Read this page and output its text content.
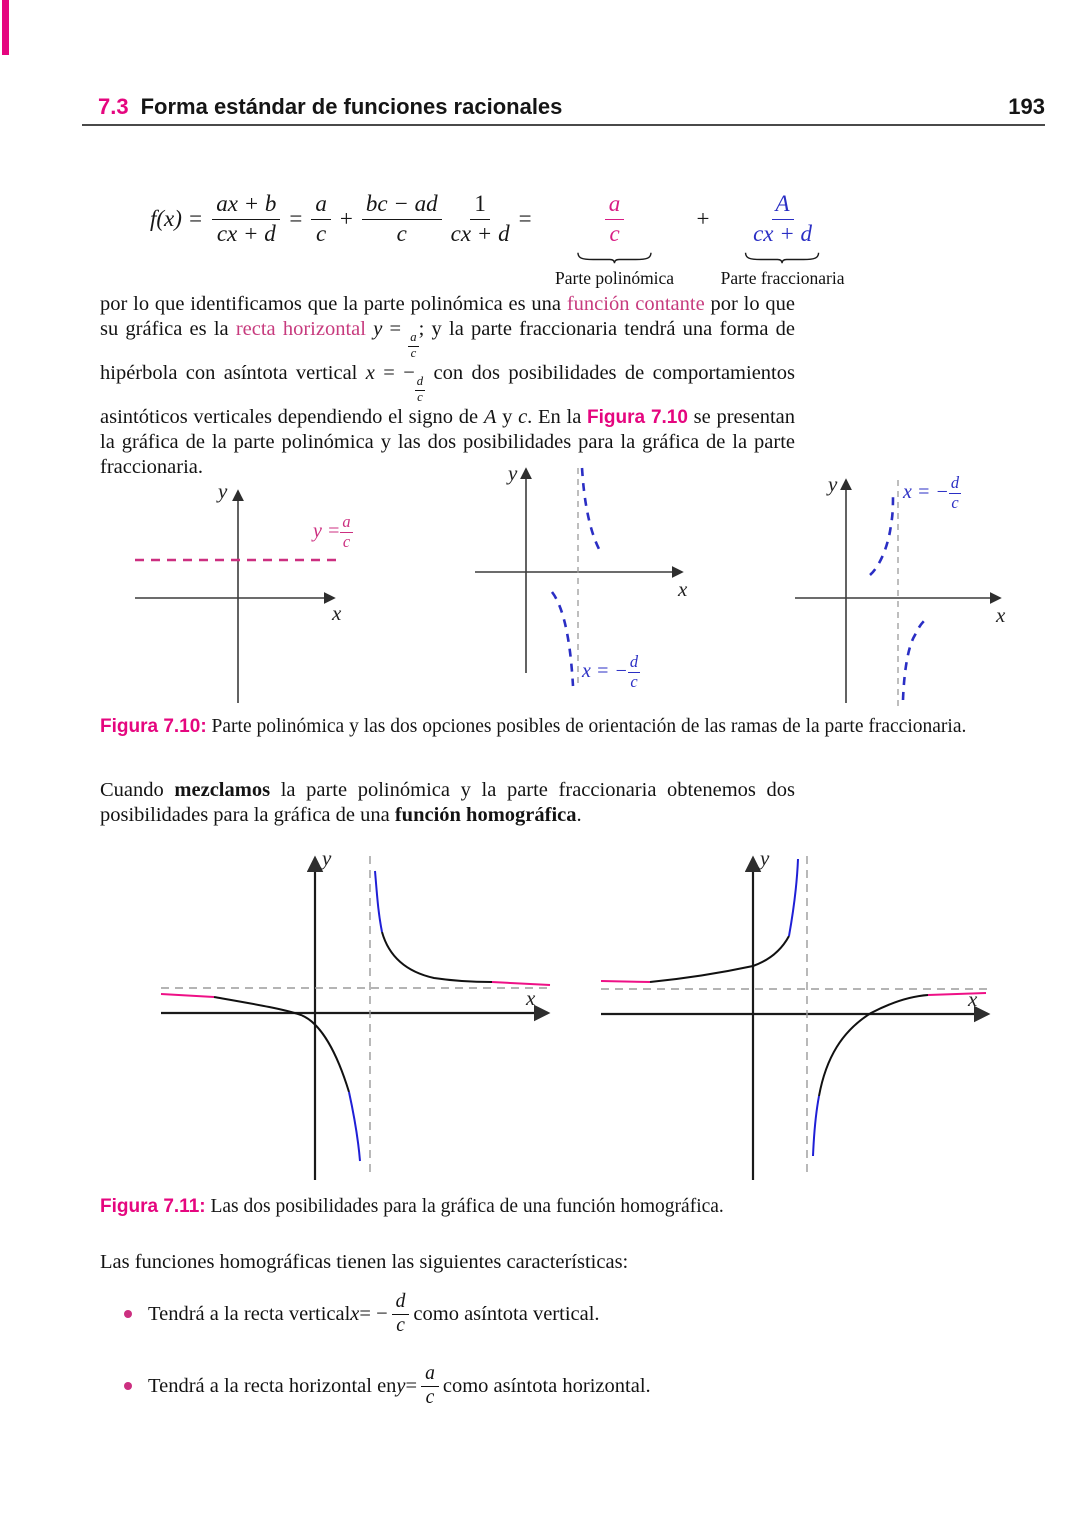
7.3 Forma estándar de funciones racionales	193
$f(x) = \frac{ax + b}{cx + d} = \frac{a}{c} + \frac{bc - ad}{c} \frac{1}{cx + d}$ =	$\frac{a}{c}$
Parte polinómica
+ $\frac{A}{cx + d}$
Parte fraccionaria
por lo que identificamos que la parte polinómica es una función contante por lo que su gráfica es la recta horizontal y =
$\frac{a}{c}$
; y la parte fraccionaria tendrá una forma de hipérbola con asíntota vertical x = −
$\frac{d}{c}$
con dos posibilidades de comportamientos asintóticos verticales dependiendo el signo de A y c. En la Figura 7.10 se presentan la gráfica de la parte polinómica y las dos posibilidades para la gráfica de la parte fraccionaria.
y
x
$y = \frac{a}{c}$
y
x
x = − $\frac{d}{c}$
y
x
x = − $\frac{d}{c}$
Figura 7.10: Parte polinómica y las dos opciones posibles de orientación de las ramas de la parte fraccionaria.
Cuando mezclamos la parte polinómica y la parte fraccionaria obtenemos dos posibilidades para la gráfica de una función homográfica.
y
x
y
x
Figura 7.11: Las dos posibilidades para la gráfica de una función homográfica.
Las funciones homográficas tienen las siguientes características:
Tendrá a la recta vertical x = − $\frac{d}{c}$ como asíntota vertical.
Tendrá a la recta horizontal en $y = \frac{a}{c}$ como asíntota horizontal.
